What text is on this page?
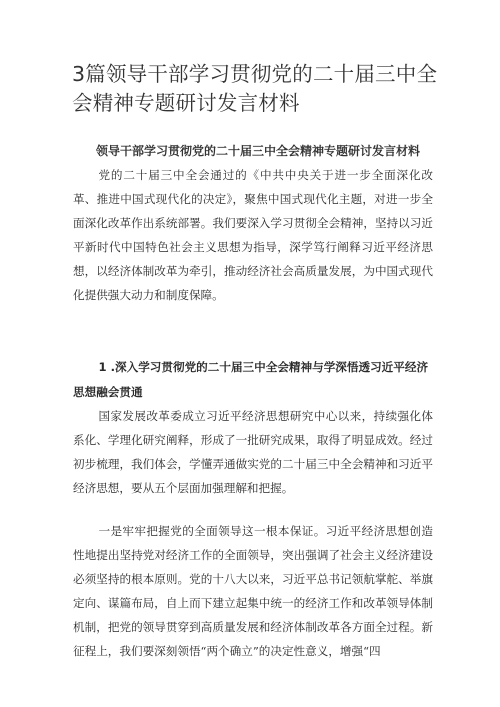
3篇领导干部学习贯彻党的二十届三中全会精神专题研讨发言材料

领导干部学习贯彻党的二十届三中全会精神专题研讨发言材料

党的二十届三中全会通过的《中共中央关于进一步全面深化改革、推进中国式现代化的决定》，聚焦中国式现代化主题，对进一步全面深化改革作出系统部署。我们要深入学习贯彻全会精神，坚持以习近平新时代中国特色社会主义思想为指导，深学笃行阐释习近平经济思想，以经济体制改革为牵引，推动经济社会高质量发展，为中国式现代化提供强大动力和制度保障。

1 .深入学习贯彻党的二十届三中全会精神与学深悟透习近平经济思想融会贯通

国家发展改革委成立习近平经济思想研究中心以来，持续强化体系化、学理化研究阐释，形成了一批研究成果，取得了明显成效。经过初步梳理，我们体会，学懂弄通做实党的二十届三中全会精神和习近平经济思想，要从五个层面加强理解和把握。

一是牢牢把握党的全面领导这一根本保证。习近平经济思想创造性地提出坚持党对经济工作的全面领导，突出强调了社会主义经济建设必须坚持的根本原则。党的十八大以来，习近平总书记领航掌舵、举旗定向、谋篇布局，自上而下建立起集中统一的经济工作和改革领导体制机制，把党的领导贯穿到高质量发展和经济体制改革各方面全过程。新征程上，我们要深刻领悟“两个确立”的决定性意义，增强“四
